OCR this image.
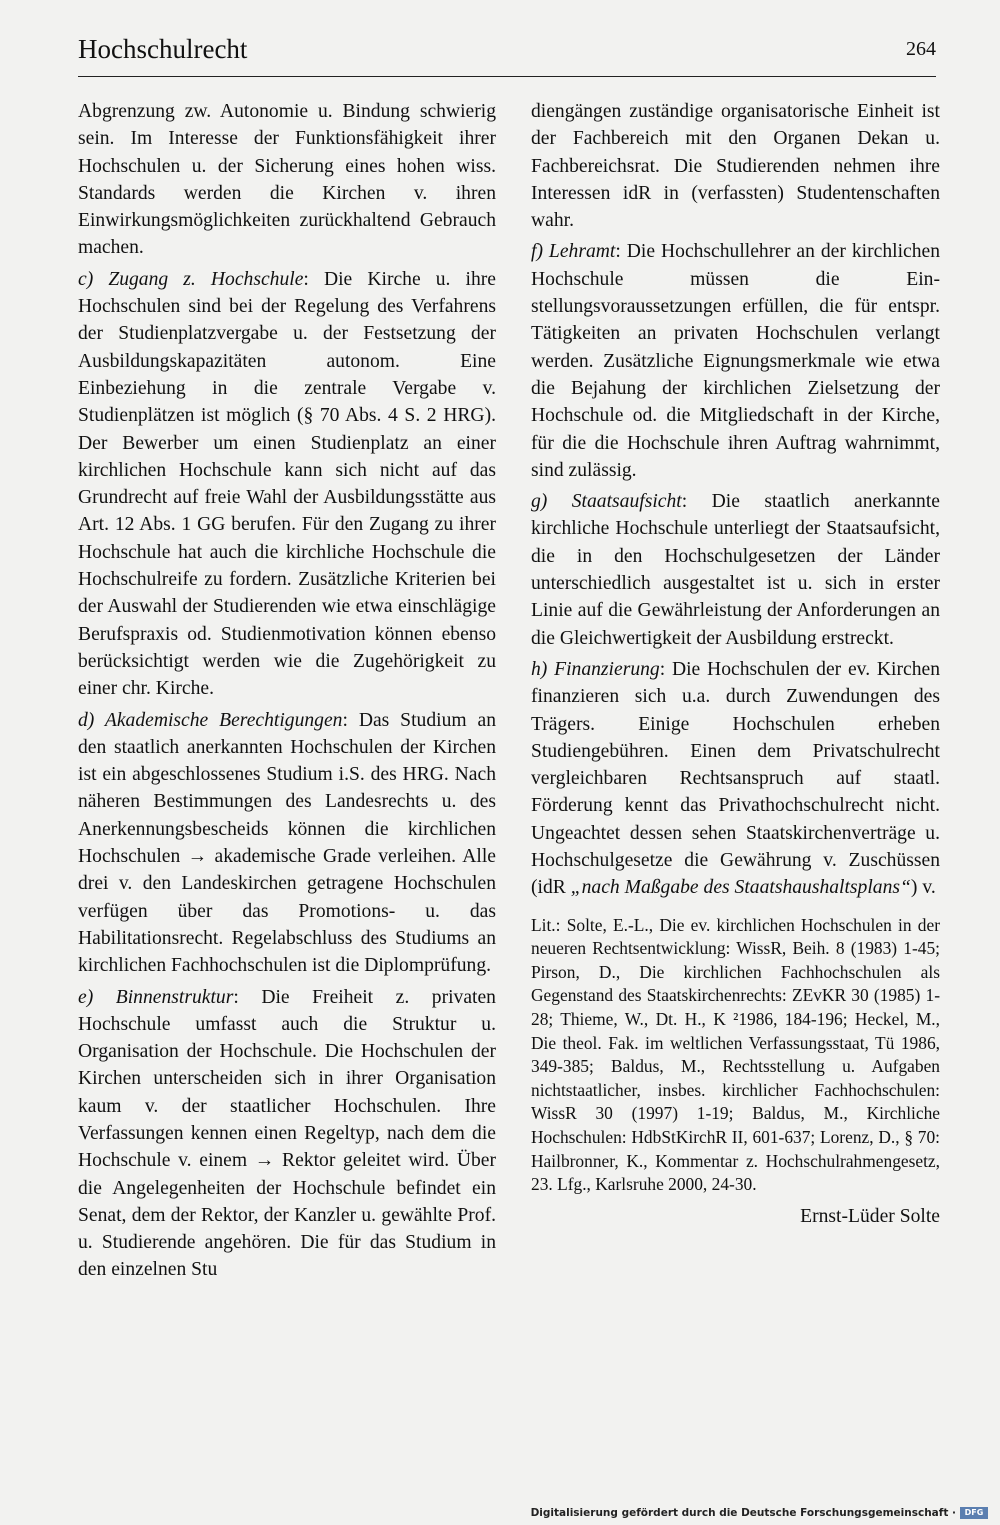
Hochschulrecht	264

Abgrenzung zw. Autonomie u. Bindung schwierig sein. Im Interesse der Funktionsfähigkeit ihrer Hochschulen u. der Sicherung eines hohen wiss. Standards werden die Kirchen v. ihren Einwirkungsmöglichkeiten zurückhaltend Gebrauch machen.

c) Zugang z. Hochschule: Die Kirche u. ihre Hochschulen sind bei der Regelung des Verfahrens der Studienplatzvergabe u. der Festsetzung der Ausbildungskapazitäten autonom. Eine Einbeziehung in die zentrale Vergabe v. Studienplätzen ist möglich (§ 70 Abs. 4 S. 2 HRG). Der Bewerber um einen Studienplatz an einer kirchlichen Hochschule kann sich nicht auf das Grundrecht auf freie Wahl der Ausbildungsstätte aus Art. 12 Abs. 1 GG berufen. Für den Zugang zu ihrer Hochschule hat auch die kirchliche Hochschule die Hochschulreife zu fordern. Zusätzliche Kriterien bei der Auswahl der Studierenden wie etwa einschlägige Berufspraxis od. Studienmotivation können ebenso berücksichtigt werden wie die Zugehörigkeit zu einer chr. Kirche.

d) Akademische Berechtigungen: Das Studium an den staatlich anerkannten Hochschulen der Kirchen ist ein abgeschlossenes Studium i.S. des HRG. Nach näheren Bestimmungen des Landesrechts u. des Anerkennungsbescheids können die kirchlichen Hochschulen → akademische Grade verleihen. Alle drei v. den Landeskirchen getragene Hochschulen verfügen über das Promotions- u. das Habilitationsrecht. Regelabschluss des Studiums an kirchlichen Fachhochschulen ist die Diplomprüfung.

e) Binnenstruktur: Die Freiheit z. privaten Hochschule umfasst auch die Struktur u. Organisation der Hochschule. Die Hochschulen der Kirchen unterscheiden sich in ihrer Organisation kaum v. der staatlicher Hochschulen. Ihre Verfassungen kennen einen Regeltyp, nach dem die Hochschule v. einem → Rektor geleitet wird. Über die Angelegenheiten der Hochschule befindet ein Senat, dem der Rektor, der Kanzler u. gewählte Prof. u. Studierende angehören. Die für das Studium in den einzelnen Stu

diengängen zuständige organisatorische Einheit ist der Fachbereich mit den Organen Dekan u. Fachbereichsrat. Die Studierenden nehmen ihre Interessen idR in (verfassten) Studentenschaften wahr.

f) Lehramt: Die Hochschullehrer an der kirchlichen Hochschule müssen die Einstellungsvoraussetzungen erfüllen, die für entspr. Tätigkeiten an privaten Hochschulen verlangt werden. Zusätzliche Eignungsmerkmale wie etwa die Bejahung der kirchlichen Zielsetzung der Hochschule od. die Mitgliedschaft in der Kirche, für die die Hochschule ihren Auftrag wahrnimmt, sind zulässig.

g) Staatsaufsicht: Die staatlich anerkannte kirchliche Hochschule unterliegt der Staatsaufsicht, die in den Hochschulgesetzen der Länder unterschiedlich ausgestaltet ist u. sich in erster Linie auf die Gewährleistung der Anforderungen an die Gleichwertigkeit der Ausbildung erstreckt.

h) Finanzierung: Die Hochschulen der ev. Kirchen finanzieren sich u.a. durch Zuwendungen des Trägers. Einige Hochschulen erheben Studiengebühren. Einen dem Privatschulrecht vergleichbaren Rechtsanspruch auf staatl. Förderung kennt das Privathochschulrecht nicht. Ungeachtet dessen sehen Staatskirchenverträge u. Hochschulgesetze die Gewährung v. Zuschüssen (idR „nach Maßgabe des Staatshaushaltsplans“) v.

Lit.: Solte, E.-L., Die ev. kirchlichen Hochschulen in der neueren Rechtsentwicklung: WissR, Beih. 8 (1983) 1-45; Pirson, D., Die kirchlichen Fachhochschulen als Gegenstand des Staatskirchenrechts: ZEvKR 30 (1985) 1-28; Thieme, W., Dt. H., K ²1986, 184-196; Heckel, M., Die theol. Fak. im weltlichen Verfassungsstaat, Tü 1986, 349-385; Baldus, M., Rechtsstellung u. Aufgaben nichtstaatlicher, insbes. kirchlicher Fachhochschulen: WissR 30 (1997) 1-19; Baldus, M., Kirchliche Hochschulen: HdbStKirchR II, 601-637; Lorenz, D., § 70: Hailbronner, K., Kommentar z. Hochschulrahmengesetz, 23. Lfg., Karlsruhe 2000, 24-30.

Ernst-Lüder Solte

Digitalisierung gefördert durch die Deutsche Forschungsgemeinschaft ·	DFG
